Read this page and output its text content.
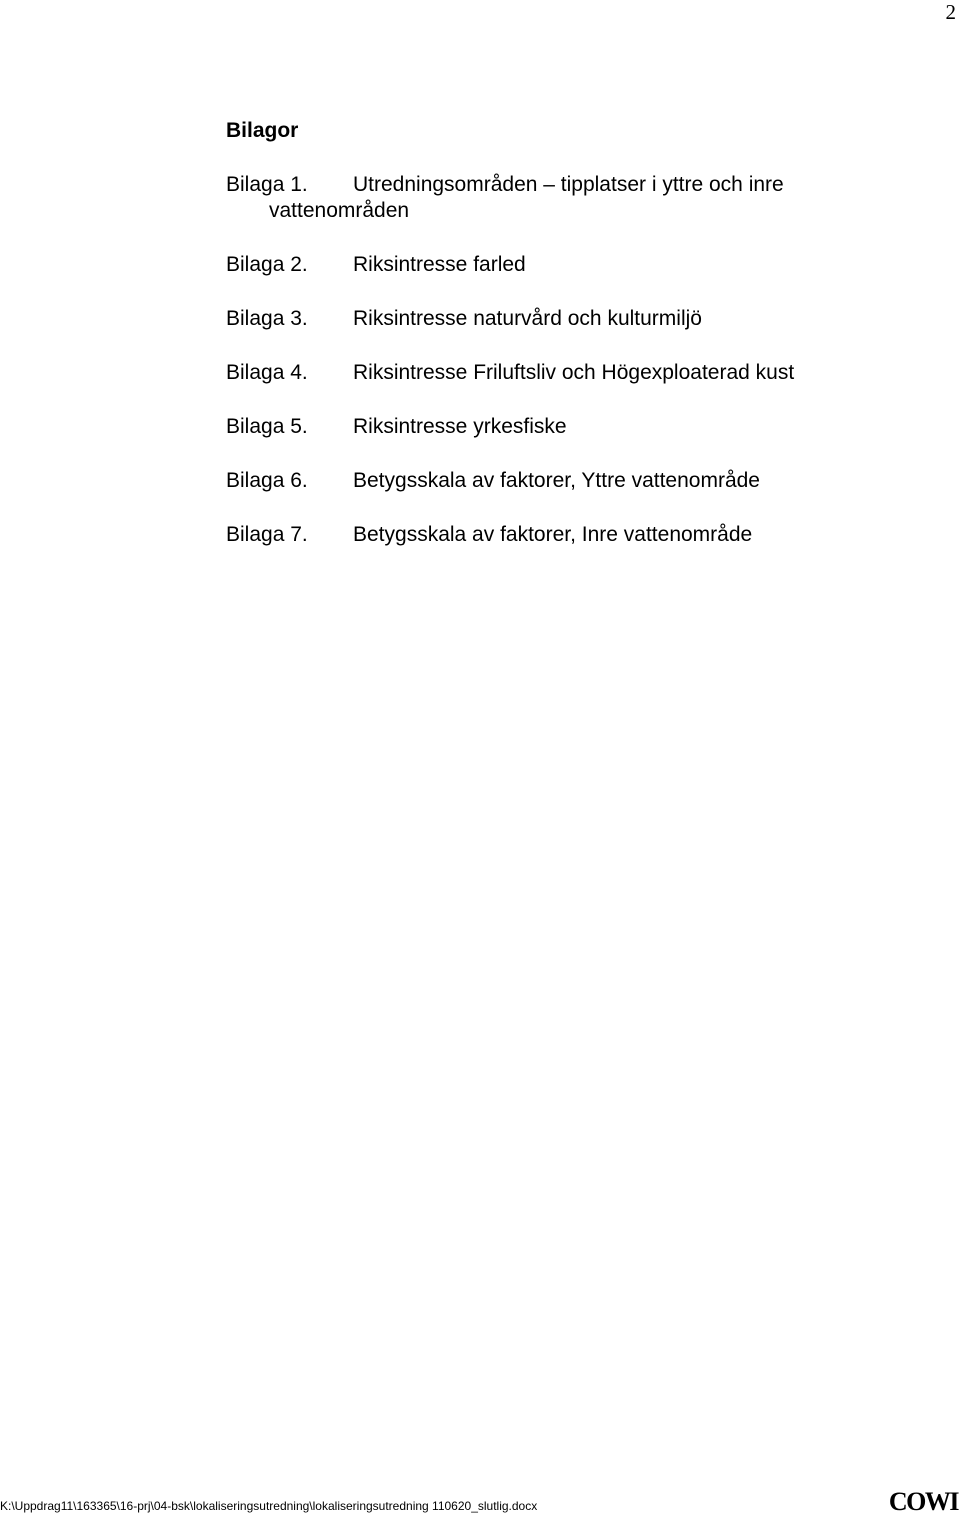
2
Bilagor
Bilaga 1. Utredningsområden – tipplatser i yttre och inre
vattenområden
Bilaga 2. Riksintresse farled
Bilaga 3. Riksintresse naturvård och kulturmiljö
Bilaga 4. Riksintresse Friluftsliv och Högexploaterad kust
Bilaga 5. Riksintresse yrkesfiske
Bilaga 6. Betygsskala av faktorer, Yttre vattenområde
Bilaga 7. Betygsskala av faktorer, Inre vattenområde
K:\Uppdrag11\163365\16-prj\04-bsk\lokaliseringsutredning\lokaliseringsutredning 110620_slutlig.docx	COWI
